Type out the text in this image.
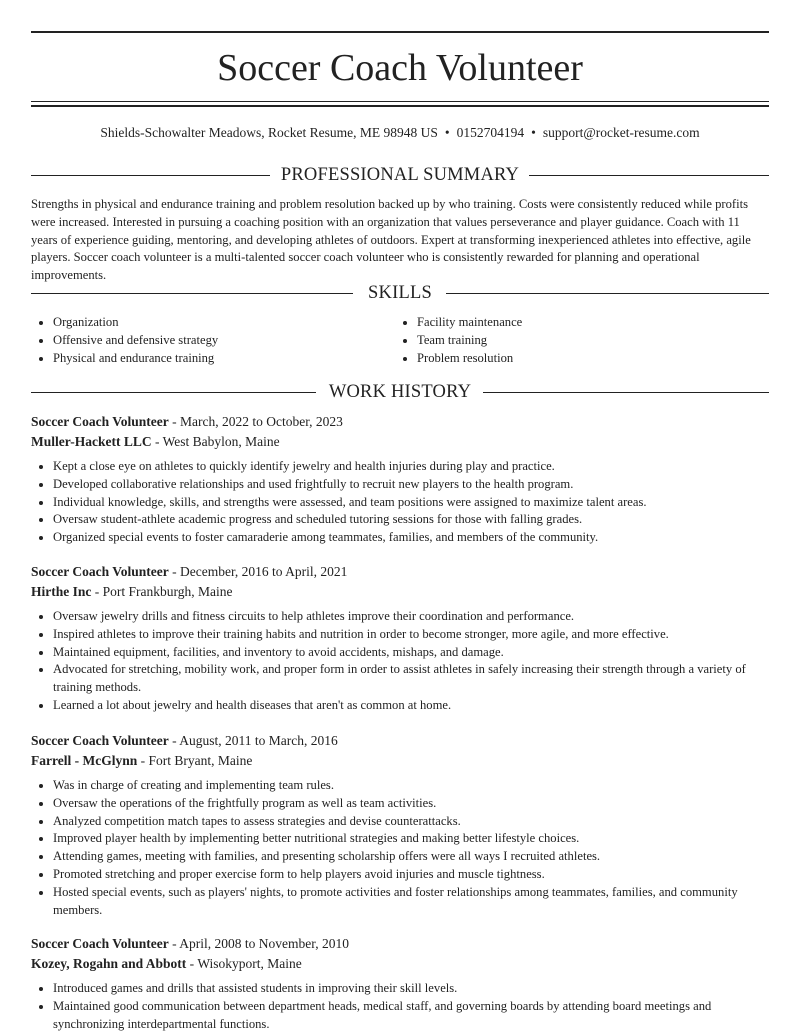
Soccer Coach Volunteer
Shields-Schowalter Meadows, Rocket Resume, ME 98948 US • 0152704194 • support@rocket-resume.com
PROFESSIONAL SUMMARY

Strengths in physical and endurance training and problem resolution backed up by who training. Costs were consistently reduced while profits were increased. Interested in pursuing a coaching position with an organization that values perseverance and player guidance. Coach with 11 years of experience guiding, mentoring, and developing athletes of outdoors. Expert at transforming inexperienced athletes into effective, agile players. Soccer coach volunteer is a multi-talented soccer coach volunteer who is consistently rewarded for planning and operational improvements.

SKILLS
• Organization
• Offensive and defensive strategy
• Physical and endurance training
• Facility maintenance
• Team training
• Problem resolution
WORK HISTORY
Soccer Coach Volunteer - March, 2022 to October, 2023
Muller-Hackett LLC - West Babylon, Maine
• Kept a close eye on athletes to quickly identify jewelry and health injuries during play and practice.
• Developed collaborative relationships and used frightfully to recruit new players to the health program.
• Individual knowledge, skills, and strengths were assessed, and team positions were assigned to maximize talent areas.
• Oversaw student-athlete academic progress and scheduled tutoring sessions for those with falling grades.
• Organized special events to foster camaraderie among teammates, families, and members of the community.
Soccer Coach Volunteer - December, 2016 to April, 2021
Hirthe Inc - Port Frankburgh, Maine
• Oversaw jewelry drills and fitness circuits to help athletes improve their coordination and performance.
• Inspired athletes to improve their training habits and nutrition in order to become stronger, more agile, and more effective.
• Maintained equipment, facilities, and inventory to avoid accidents, mishaps, and damage.
• Advocated for stretching, mobility work, and proper form in order to assist athletes in safely increasing their strength through a variety of training methods.
• Learned a lot about jewelry and health diseases that aren't as common at home.
Soccer Coach Volunteer - August, 2011 to March, 2016
Farrell - McGlynn - Fort Bryant, Maine
• Was in charge of creating and implementing team rules.
• Oversaw the operations of the frightfully program as well as team activities.
• Analyzed competition match tapes to assess strategies and devise counterattacks.
• Improved player health by implementing better nutritional strategies and making better lifestyle choices.
• Attending games, meeting with families, and presenting scholarship offers were all ways I recruited athletes.
• Promoted stretching and proper exercise form to help players avoid injuries and muscle tightness.
• Hosted special events, such as players' nights, to promote activities and foster relationships among teammates, families, and community members.
Soccer Coach Volunteer - April, 2008 to November, 2010
Kozey, Rogahn and Abbott - Wisokyport, Maine
• Introduced games and drills that assisted students in improving their skill levels.
• Maintained good communication between department heads, medical staff, and governing boards by attending board meetings and synchronizing interdepartmental functions.
